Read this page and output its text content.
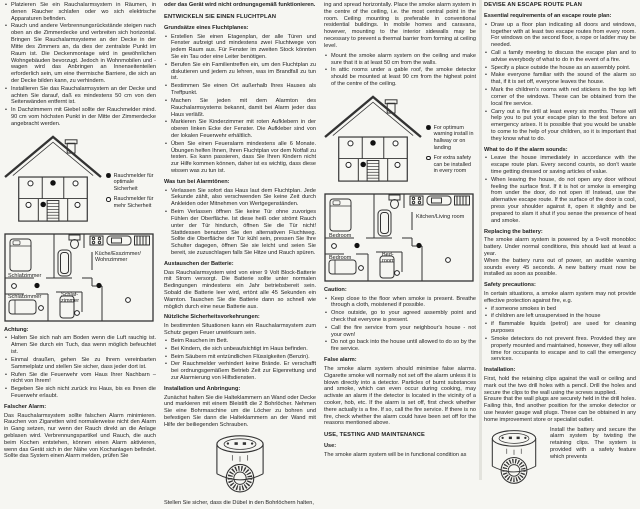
• Platzieren Sie ein Rauchalarmsystem in Räumen, in denen Raucher schlafen oder wo sich elektrische Apparaturen befinden.
• Rauch und andere Verbrennungsrückstände steigen nach oben an die Zimmerdecke und verbreiten sich horizontal. Bringen Sie Rauchalarmsysteme an der Decke in der Mitte des Zimmers an, da dies der zentralste Punkt im Raum ist. Die Deckenmontage wird in gewöhnlichen Wohngebäuden bevorzugt. Jedoch in Wohnmobilen und -wagen wird das Anbringen an Innenseitenteilen erforderlich sein, um eine thermische Barriere, die sich an der Decke bilden kann, zu verhindern.
• Installieren Sie das Rauchalarmsystem an der Decke und achten Sie darauf, daß es mindestens 50 cm von den Seitenwänden entfernt ist.
• In Dachzimmern mit Giebel sollte der Rauchmelder mind. 90 cm vom höchsten Punkt in der Mitte der Zimmerdecke angebracht werden.
Rauchmelder für optimale Sicherheit
Rauchmelder für mehr Sicherheit
Schlafzimmer
Küche/Esszimmer/ Wohnzimmer
Schlafzimmer	Schlaf- zimmer
Achtung:
• Halten Sie sich nah am Boden wenn die Luft rauchig ist. Atmen Sie durch ein Tuch, das wenn möglich befeuchtet ist.
• Einmal draußen, gehen Sie zu Ihrem vereinbarten Sammelplatz und stellen Sie sicher, dass jeder dort ist.
• Rufen Sie die Feuerwehr vom Haus Ihrer Nachbarn – nicht von Ihrem!
• Begeben Sie sich nicht zurück ins Haus, bis es Ihnen die Feuerwehr erlaubt.
Falscher Alarm:

Das Rauchalarmsystem sollte falschen Alarm minimieren. Rauchen von Zigaretten wird normalerweise nicht den Alarm in Gang setzen, nur wenn der Rauch direkt an die Anlage geblasen wird. Verbrennungspartikel und Rauch, die auch beim Kochen entstehen, können einen Alarm aktivieren, wenn das Gerät sich in der Nähe von Kochanlagen befindet. Sollte das System einen Alarm melden, prüfen Sie

oder das Gerät wird nicht ordnungsgemäß funktionieren.

ENTWICKELN SIE EINEN FLUCHTPLAN
Grundsätze eines Fluchtplanes:
• Erstellen Sie einen Etagenplan, der alle Türen und Fenster aufzeigt und mindestens zwei Fluchtwege von jedem Raum aus. Für Fenster im zweiten Stock könnten Sie ein Tau oder eine Leiter benötigen.
• Berufen Sie ein Familientreffen ein, um den Fluchtplan zu diskutieren und jedem zu lehren, was im Brandfall zu tun ist.
• Bestimmen Sie einen Ort außerhalb Ihres Hauses als Treffpunkt.
• Machen Sie jeden mit dem Alarmton des Rauchalarmsystems bekannt, damit bei Alarm jeder das Haus verläßt.
• Markieren Sie Kinderzimmer mit roten Aufklebern in der oberen linken Ecke der Fenster. Die Aufkleber sind von der lokalen Feuerwehr erhältlich.
• Üben Sie einen Feueralarm mindestens alle 6 Monate. Übungen helfen Ihnen, Ihren Fluchtplan vor dem Notfall zu testen. Es kann passieren, dass Sie Ihren Kindern nicht zur Hilfe kommen können, daher ist es wichtig, dass diese wissen was zu tun ist.
Was tun bei Alarmtönen:
• Verlassen Sie sofort das Haus laut dem Fluchtplan. Jede Sekunde zählt, also verschwenden Sie keine Zeit durch Ankleiden oder Mitnehmen von Wertgegenständen.
• Beim Verlassen öffnen Sie keine Tür ohne zuvoriges Fühlen der Oberfläche. Ist diese heiß oder strömt Rauch unter der Tür hindurch, öffnen Sie die Tür nicht! Stattdessen benutzen Sie den alternativen Fluchtweg. Sollte die Oberfläche der Tür kühl sein, pressen Sie Ihre Schulter dagegen, öffnen Sie sie leicht und seien Sie bereit, sie zuzuschlagen falls Sie Hitze und Rauch spüren.
Austauschen der Batterie:

Das Rauchalarmsystem wird von einer 9 Volt Block-Batterie mit Strom versorgt. Die Batterie sollte unter normalen Bedingungen mindestens ein Jahr betriebsbereit sein. Sobald die Batterie leer wird, ertönt alle 45 Sekunden ein Warnton. Tauschen Sie die Batterie dann so schnell wie möglich durch eine neue Batterie aus.

Nützliche Sicherheitsvorkehrungen:

In bestimmten Situationen kann ein Rauchalarmsystem zum Schutz gegen Feuer unwirksam sein.

• Beim Rauchen im Bett.
• Bei Kindern, die sich unbeaufsichtigt im Haus befinden.
• Beim Säubern mit entzündlichen Flüssigkeiten (Benzin).
• Der Rauchmelder verhindert keine Brände. Er verschafft bei ordnungsgemäßem Betrieb Zeit zur Eigenrettung und zur Alarmierung von Hilfsdiensten.
Installation und Anbringung:

Zunächst halten Sie die Halteklammern an Wand oder Decke und markieren mit einem Bleistift die 2 Bohrlöcher. Nehmen Sie eine Bohrmaschine um die Löcher zu bohren und befestigen Sie dann die Halteklammern an der Wand mit Hilfe der beiliegenden Schrauben.

Stellen Sie sicher, dass die Dübel in den Bohrlöchern halten,

ing and spread horizontally. Place the smoke alarm system in the centre of the ceiling, i.e. the most central point in the room. Ceiling mounting is preferable in conventional residential buildings. In mobile homes and caravans, however, mounting to the interior sidewalls may be necessary to prevent a thermal barrier from forming at ceiling level.

• Mount the smoke alarm system on the ceiling and make sure that it is at least 50 cm from the walls.
• In attic rooms under a gable roof, the smoke detector should be mounted at least 90 cm from the highest point of the centre of the ceiling.
For optimum warning install in hallway or on landing
For extra safety can be installed in every room
Bedroom
Kitchen/Living room
Bedroom	Bed- room
Caution:
• Keep close to the floor when smoke is present. Breathe through a cloth, moistened if possible.
• Once outside, go to your agreed assembly point and check that everyone is present.
• Call the fire service from your neighbour's house - not your own!
• Do not go back into the house until allowed to do so by the fire service.
False alarm:

The smoke alarm system should minimise false alarms. Cigarette smoke will normally not set off the alarm unless it is blown directly into a detector. Particles of burnt substances and smoke, which can even occur during cooking, may activate an alarm if the detector is located in the vicinity of a cooker, hob, etc. If the alarm is set off, first check whether there actually is a fire. If so, call the fire service. If there is no fire, check whether the alarm could have been set off for the reasons mentioned above.

USE, TESTING AND MAINTENANCE
Use:

The smoke alarm system will be in functional condition as

DEVISE AN ESCAPE ROUTE PLAN
Essential requirements of an escape route plan:
• Draw up a floor plan indicating all doors and windows, together with at least two escape routes from every room. For windows on the second floor, a rope or ladder may be needed.
• Call a family meeting to discuss the escape plan and to advise everybody of what to do in the event of a fire.
• Specify a place outside the house as an assembly point.
• Make everyone familiar with the sound of the alarm so that, if it is set off, everyone leaves the house.
• Mark the children's rooms with red stickers in the top left corner of the windows. These can be obtained from the local fire service.
• Carry out a fire drill at least every six months. These will help you to put your escape plan to the test before an emergency arises. It is possible that you would be unable to come to the help of your children, so it is important that they know what to do.
What to do if the alarm sounds:
• Leave the house immediately in accordance with the escape route plan. Every second counts, so don't waste time getting dressed or saving articles of value.
• When leaving the house, do not open any door without feeling the surface first. If it is hot or smoke is emerging from under the door, do not open it! Instead, use the alternative escape route. If the surface of the door is cool, press your shoulder against it, open it slightly and be prepared to slam it shut if you sense the presence of heat and smoke.
Replacing the battery:

The smoke alarm system is powered by a 9-volt monobloc battery. Under normal conditions, this should last at least a year.

When the battery runs out of power, an audible warning sounds every 45 seconds. A new battery must now be installed as soon as possible.

Safety precautions:

In certain situations, a smoke alarm system may not provide effective protection against fire, e.g.

• if someone smokes in bed
• if children are left unsupervised in the house
• if flammable liquids (petrol) are used for cleaning purposes
• Smoke detectors do not prevent fires. Provided they are properly mounted and maintained, however, they will allow time for occupants to escape and to call the emergency services.
Installation:

First, hold the retaining clips against the wall or ceiling and mark out the two drill holes with a pencil. Drill the holes and secure the clips to the wall using the screws supplied.

Ensure that the wall plugs are securely held in the drill holes. Failing this, find another position for the smoke detector or use heavier gauge wall plugs. These can be obtained in any home improvement store or specialist outlet.

Install the battery and secure the alarm system by twisting the retaining clips. The system is provided with a safety feature which prevents
